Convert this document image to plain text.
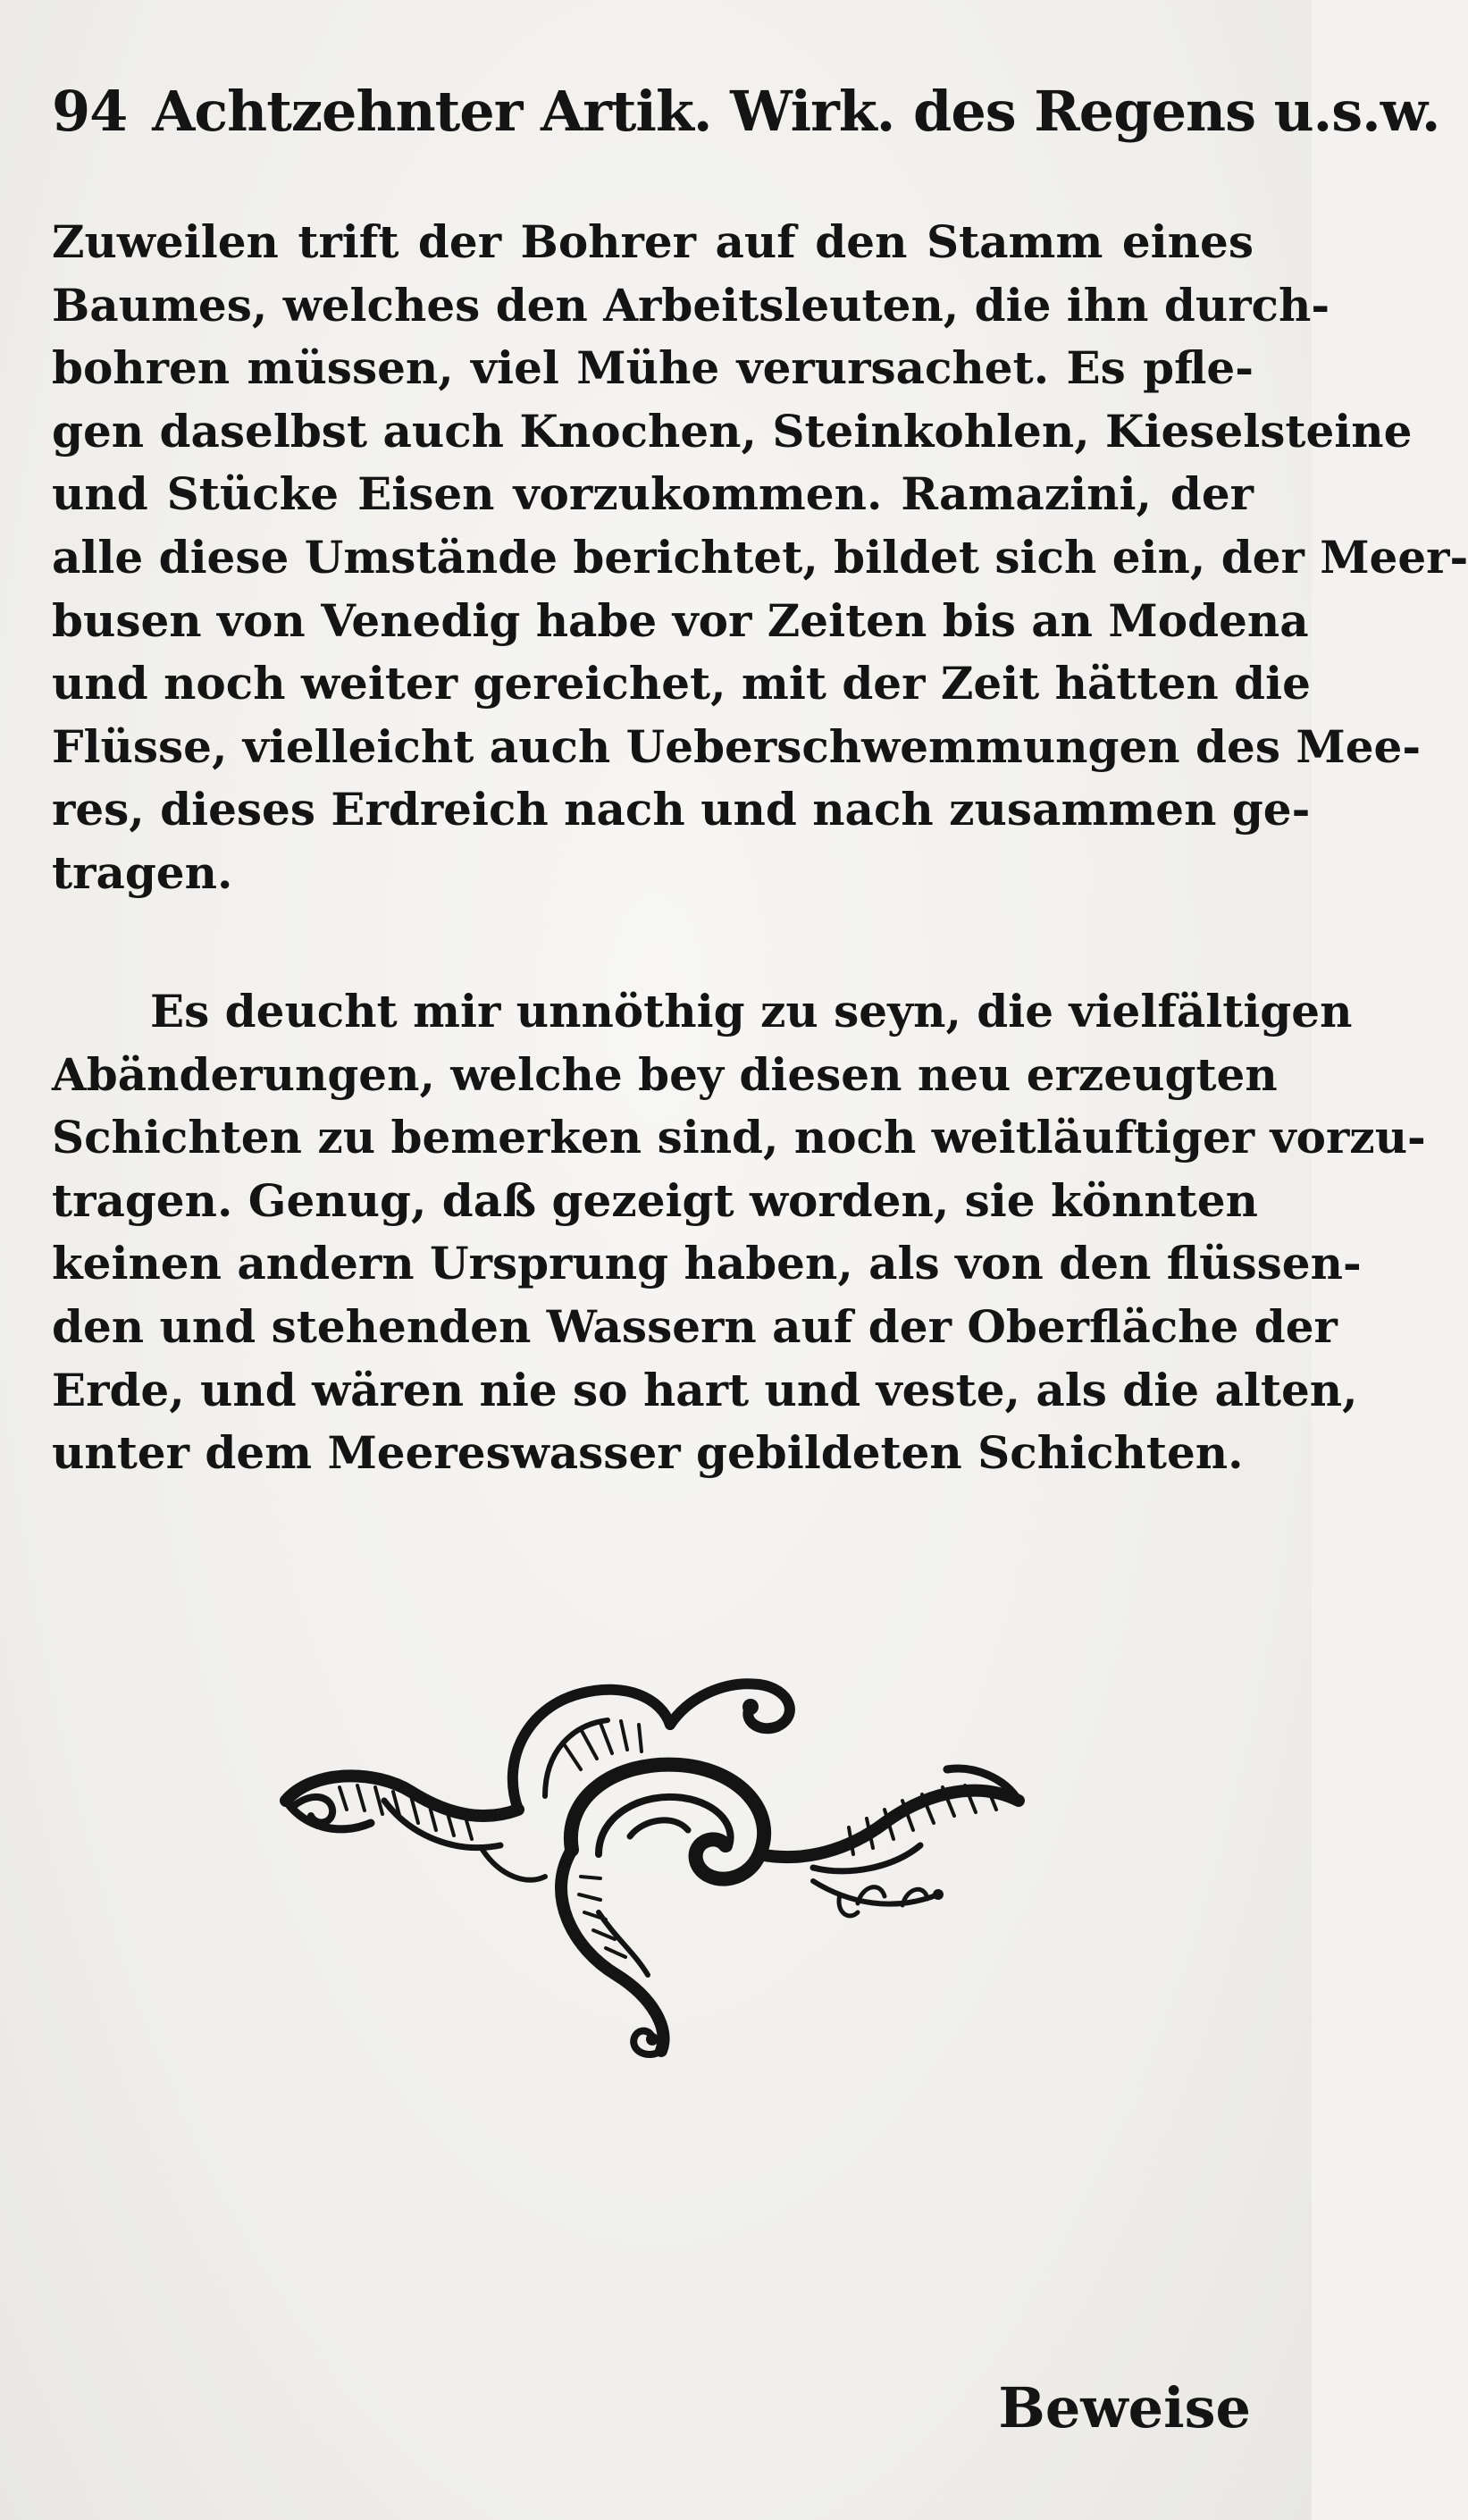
94 Achtzehnter Artik. Wirk. des Regens u.s.w.
Zuweilen trift der Bohrer auf den Stamm eines
Baumes, welches den Arbeitsleuten, die ihn durch-
bohren müssen, viel Mühe verursachet. Es pfle-
gen daselbst auch Knochen, Steinkohlen, Kieselsteine
und Stücke Eisen vorzukommen. Ramazini, der
alle diese Umstände berichtet, bildet sich ein, der Meer-
busen von Venedig habe vor Zeiten bis an Modena
und noch weiter gereichet, mit der Zeit hätten die
Flüsse, vielleicht auch Ueberschwemmungen des Mee-
res, dieses Erdreich nach und nach zusammen ge-
tragen.
Es deucht mir unnöthig zu seyn, die vielfältigen
Abänderungen, welche bey diesen neu erzeugten
Schichten zu bemerken sind, noch weitläuftiger vorzu-
tragen. Genug, daß gezeigt worden, sie könnten
keinen andern Ursprung haben, als von den flüssen-
den und stehenden Wassern auf der Oberfläche der
Erde, und wären nie so hart und veste, als die alten,
unter dem Meereswasser gebildeten Schichten.
Beweise
